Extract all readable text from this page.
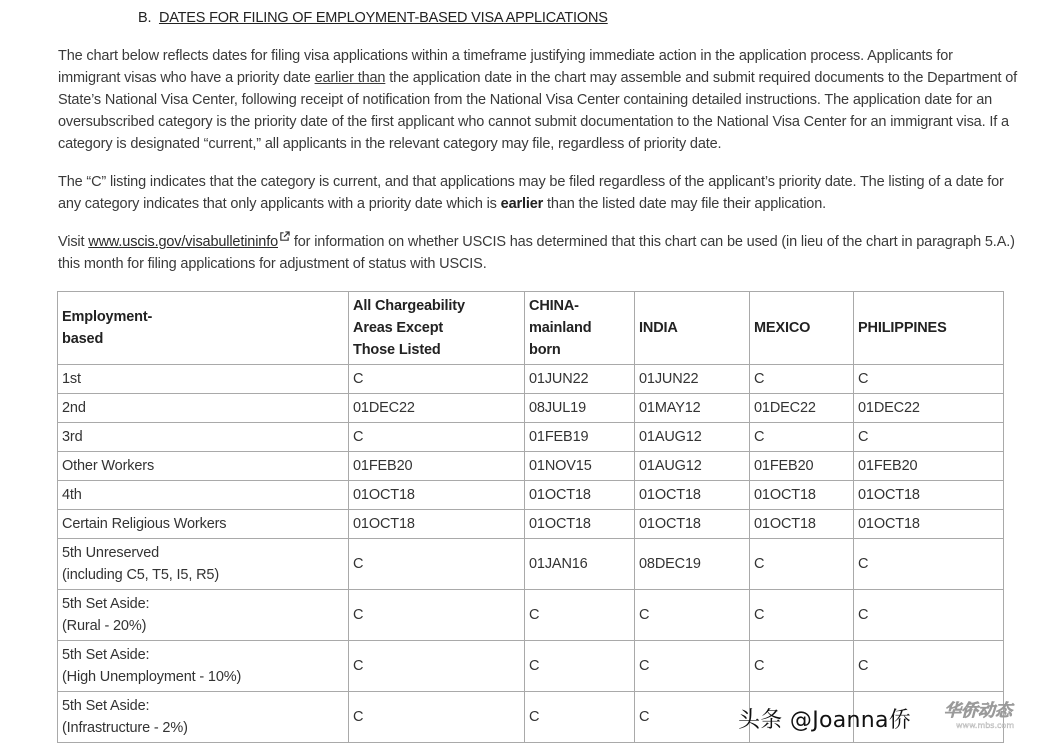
B.  DATES FOR FILING OF EMPLOYMENT-BASED VISA APPLICATIONS

The chart below reflects dates for filing visa applications within a timeframe justifying immediate action in the application process. Applicants for immigrant visas who have a priority date earlier than the application date in the chart may assemble and submit required documents to the Department of State’s National Visa Center, following receipt of notification from the National Visa Center containing detailed instructions. The application date for an oversubscribed category is the priority date of the first applicant who cannot submit documentation to the National Visa Center for an immigrant visa. If a category is designated “current,” all applicants in the relevant category may file, regardless of priority date.

The “C” listing indicates that the category is current, and that applications may be filed regardless of the applicant’s priority date. The listing of a date for any category indicates that only applicants with a priority date which is earlier than the listed date may file their application.

Visit www.uscis.gov/visabulletininfo for information on whether USCIS has determined that this chart can be used (in lieu of the chart in paragraph 5.A.) this month for filing applications for adjustment of status with USCIS.

Employment-
based	All Chargeability
Areas Except
Those Listed	CHINA-
mainland
born	INDIA	MEXICO	PHILIPPINES
1st	C	01JUN22	01JUN22	C	C
2nd	01DEC22	08JUL19	01MAY12	01DEC22	01DEC22
3rd	C	01FEB19	01AUG12	C	C
Other Workers	01FEB20	01NOV15	01AUG12	01FEB20	01FEB20
4th	01OCT18	01OCT18	01OCT18	01OCT18	01OCT18
Certain Religious Workers	01OCT18	01OCT18	01OCT18	01OCT18	01OCT18
5th Unreserved
(including C5, T5, I5, R5)	C	01JAN16	08DEC19	C	C
5th Set Aside:
(Rural - 20%)	C	C	C	C	C
5th Set Aside:
(High Unemployment - 10%)	C	C	C	C	C
5th Set Aside:
(Infrastructure - 2%)	C	C	C			头条 @Joanna侨 华侨动态
www.mbs.com
